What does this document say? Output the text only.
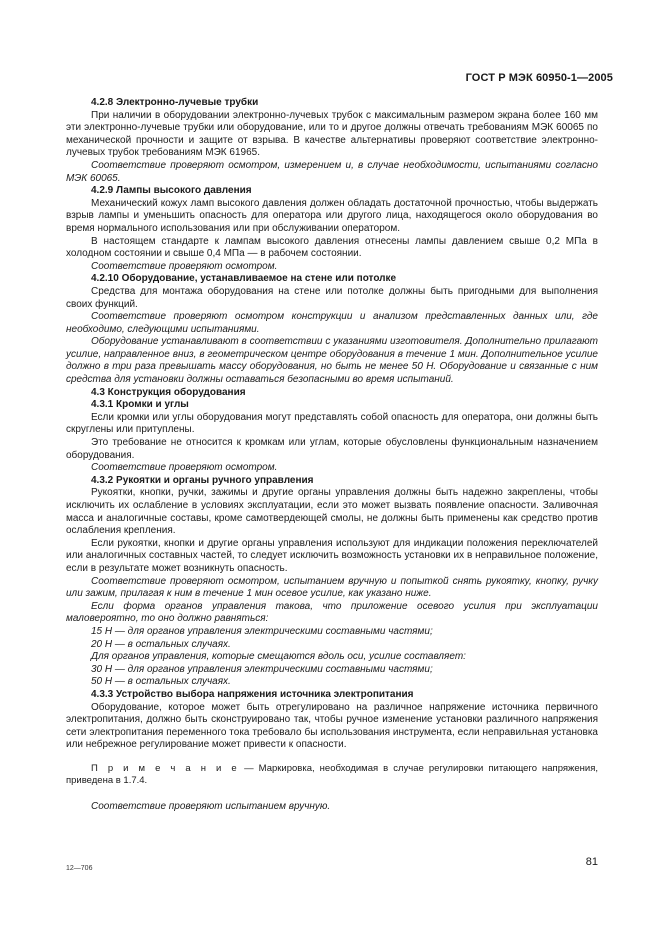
ГОСТ Р МЭК 60950-1—2005

4.2.8 Электронно-лучевые трубки

При наличии в оборудовании электронно-лучевых трубок с максимальным размером экрана более 160 мм эти электронно-лучевые трубки или оборудование, или то и другое должны отвечать требованиям МЭК 60065 по механической прочности и защите от взрыва. В качестве альтернативы проверяют соответствие электронно-лучевых трубок требованиям МЭК 61965.

Соответствие проверяют осмотром, измерением и, в случае необходимости, испытаниями согласно МЭК 60065.

4.2.9 Лампы высокого давления

Механический кожух ламп высокого давления должен обладать достаточной прочностью, чтобы выдержать взрыв лампы и уменьшить опасность для оператора или другого лица, находящегося около оборудования во время нормального использования или при обслуживании оператором.

В настоящем стандарте к лампам высокого давления отнесены лампы давлением свыше 0,2 МПа в холодном состоянии и свыше 0,4 МПа — в рабочем состоянии.

Соответствие проверяют осмотром.

4.2.10 Оборудование, устанавливаемое на стене или потолке

Средства для монтажа оборудования на стене или потолке должны быть пригодными для выполнения своих функций.

Соответствие проверяют осмотром конструкции и анализом представленных данных или, где необходимо, следующими испытаниями.

Оборудование устанавливают в соответствии с указаниями изготовителя. Дополнительно прилагают усилие, направленное вниз, в геометрическом центре оборудования в течение 1 мин. Дополнительное усилие должно в три раза превышать массу оборудования, но быть не менее 50 Н. Оборудование и связанные с ним средства для установки должны оставаться безопасными во время испытаний.

4.3 Конструкция оборудования

4.3.1 Кромки и углы

Если кромки или углы оборудования могут представлять собой опасность для оператора, они должны быть скруглены или притуплены.

Это требование не относится к кромкам или углам, которые обусловлены функциональным назначением оборудования.

Соответствие проверяют осмотром.

4.3.2 Рукоятки и органы ручного управления

Рукоятки, кнопки, ручки, зажимы и другие органы управления должны быть надежно закреплены, чтобы исключить их ослабление в условиях эксплуатации, если это может вызвать появление опасности. Заливочная масса и аналогичные составы, кроме самотвердеющей смолы, не должны быть применены как средство против ослабления крепления.

Если рукоятки, кнопки и другие органы управления используют для индикации положения переключателей или аналогичных составных частей, то следует исключить возможность установки их в неправильное положение, если в результате может возникнуть опасность.

Соответствие проверяют осмотром, испытанием вручную и попыткой снять рукоятку, кнопку, ручку или зажим, прилагая к ним в течение 1 мин осевое усилие, как указано ниже.

Если форма органов управления такова, что приложение осевого усилия при эксплуатации маловероятно, то оно должно равняться:

15 Н — для органов управления электрическими составными частями;

20 Н — в остальных случаях.

Для органов управления, которые смещаются вдоль оси, усилие составляет:

30 Н — для органов управления электрическими составными частями;

50 Н — в остальных случаях.

4.3.3 Устройство выбора напряжения источника электропитания

Оборудование, которое может быть отрегулировано на различное напряжение источника первичного электропитания, должно быть сконструировано так, чтобы ручное изменение установки различного напряжения сети электропитания переменного тока требовало бы использования инструмента, если неправильная установка или небрежное регулирование может привести к опасности.

П р и м е ч а н и е — Маркировка, необходимая в случае регулировки питающего напряжения, приведена в 1.7.4.

Соответствие проверяют испытанием вручную.

12—706
81
